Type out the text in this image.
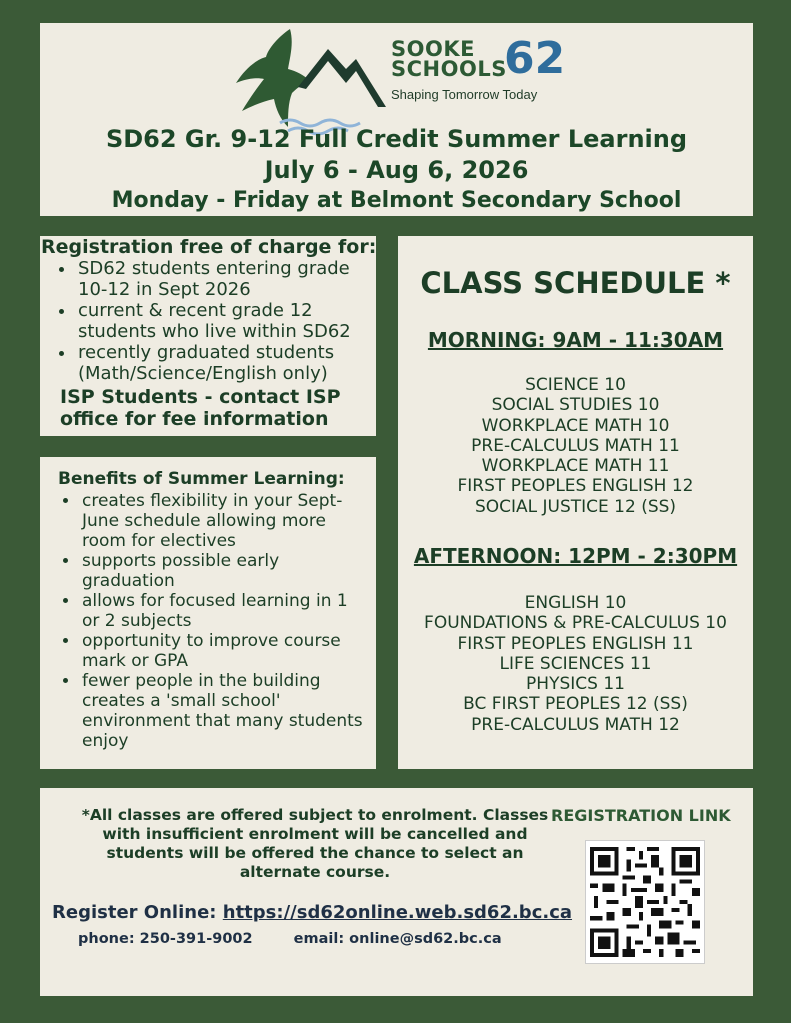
SOOKE
SCHOOLS
62
Shaping Tomorrow Today
SD62 Gr. 9-12 Full Credit Summer Learning
July 6 - Aug 6, 2026
Monday - Friday at Belmont Secondary School
Registration free of charge for:
• SD62 students entering grade 10-12 in Sept 2026
• current & recent grade 12 students who live within SD62
• recently graduated students (Math/Science/English only)
ISP Students - contact ISP office for fee information
Benefits of Summer Learning:
• creates flexibility in your Sept-June schedule allowing more room for electives
• supports possible early graduation
• allows for focused learning in 1 or 2 subjects
• opportunity to improve course mark or GPA
• fewer people in the building creates a 'small school' environment that many students enjoy
CLASS SCHEDULE *
MORNING: 9AM - 11:30AM
SCIENCE 10
SOCIAL STUDIES 10
WORKPLACE MATH 10
PRE-CALCULUS MATH 11
WORKPLACE MATH 11
FIRST PEOPLES ENGLISH 12
SOCIAL JUSTICE 12 (SS)
AFTERNOON: 12PM - 2:30PM
ENGLISH 10
FOUNDATIONS & PRE-CALCULUS 10
FIRST PEOPLES ENGLISH 11
LIFE SCIENCES 11
PHYSICS 11
BC FIRST PEOPLES 12 (SS)
PRE-CALCULUS MATH 12
*All classes are offered subject to enrolment. Classes with insufficient enrolment will be cancelled and students will be offered the chance to select an alternate course.
REGISTRATION LINK
Register Online: https://sd62online.web.sd62.bc.ca
phone: 250-391-9002	email: online@sd62.bc.ca
